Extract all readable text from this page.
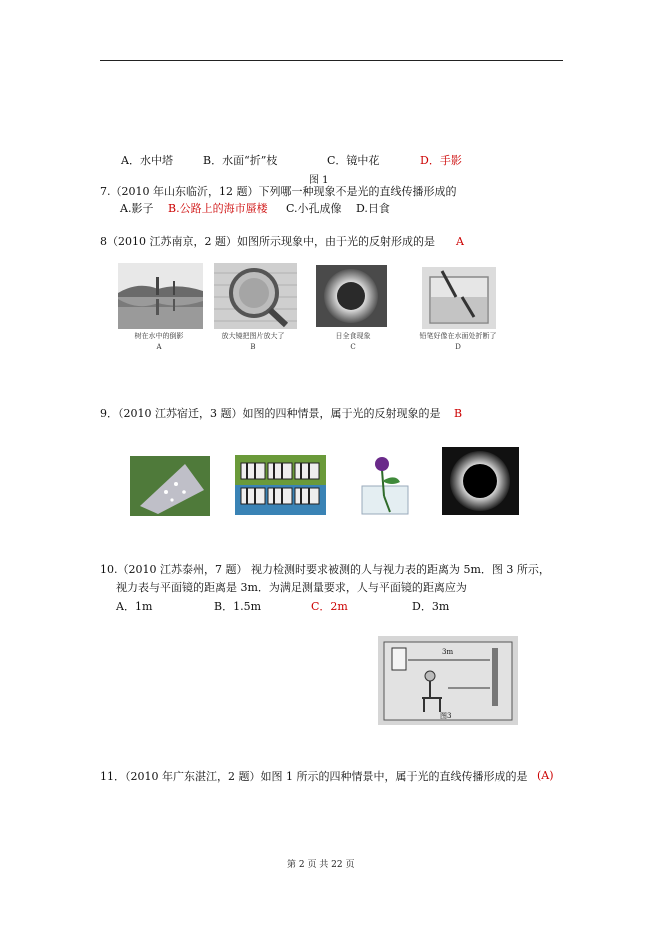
A．水中塔	B．水面“折”枝	C．镜中花	D．手影
图 1
7.（2010 年山东临沂，12 题）下列哪一种现象不是光的直线传播形成的
A.影子 B.公路上的海市蜃楼 C.小孔成像 D.日食
8（2010 江苏南京，2 题）如图所示现象中，由于光的反射形成的是 A
树在水中的倒影	放大镜把图片放大了	日全食现象	铅笔好像在水面处折断了
A	B	C	D
9．（2010 江苏宿迁，3 题）如图的四种情景，属于光的反射现象的是 B
10.（2010 江苏泰州，7 题） 视力检测时要求被测的人与视力表的距离为 5m．图 3 所示，
视力表与平面镜的距离是 3m．为满足测量要求，人与平面镜的距离应为
A．1m	B．1.5m	C．2m	D．3m
3m
图3
11．（2010 年广东湛江，2 题）如图 1 所示的四种情景中，属于光的直线传播形成的是 (A)
第 2 页 共 22 页
